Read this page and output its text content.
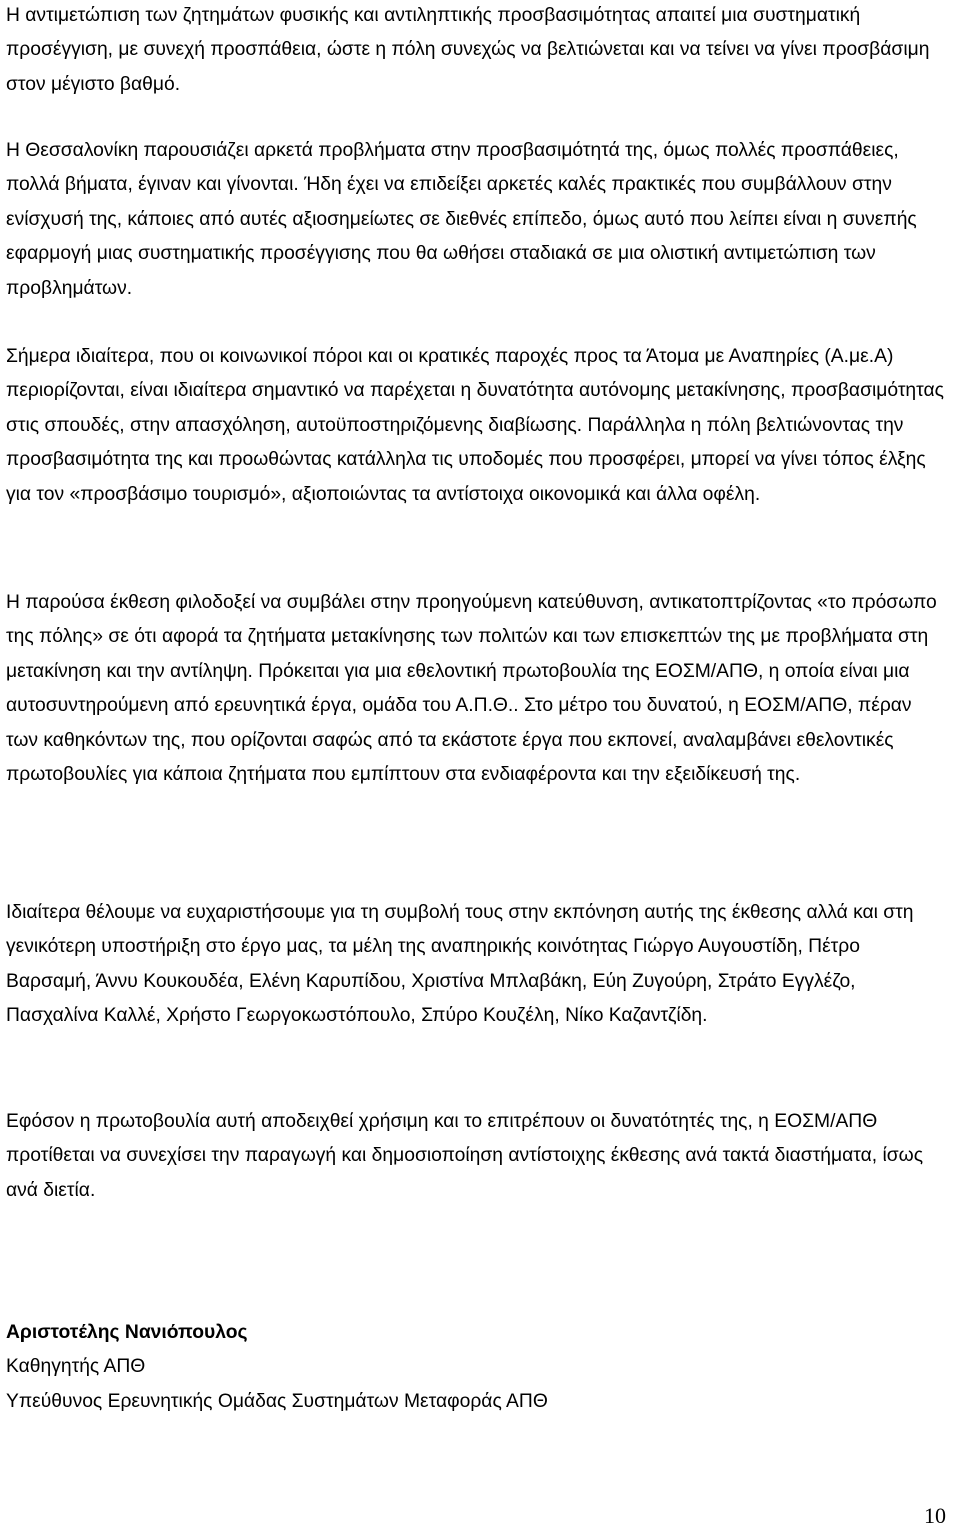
Η αντιμετώπιση των ζητημάτων φυσικής και αντιληπτικής προσβασιμότητας απαιτεί μια συστηματική προσέγγιση, με συνεχή προσπάθεια, ώστε η πόλη συνεχώς να βελτιώνεται και να τείνει να γίνει προσβάσιμη στον μέγιστο βαθμό.

Η Θεσσαλονίκη παρουσιάζει αρκετά προβλήματα στην προσβασιμότητά της, όμως πολλές προσπάθειες, πολλά βήματα, έγιναν και γίνονται. Ήδη έχει να επιδείξει αρκετές καλές πρακτικές που συμβάλλουν στην ενίσχυσή της, κάποιες από αυτές αξιοσημείωτες σε διεθνές επίπεδο, όμως αυτό που λείπει είναι η συνεπής εφαρμογή μιας συστηματικής προσέγγισης που θα ωθήσει σταδιακά σε μια ολιστική αντιμετώπιση των προβλημάτων.

Σήμερα ιδιαίτερα, που οι κοινωνικοί πόροι και οι κρατικές παροχές προς τα Άτομα με Αναπηρίες (Α.με.Α) περιορίζονται, είναι ιδιαίτερα σημαντικό να παρέχεται η δυνατότητα αυτόνομης μετακίνησης, προσβασιμότητας στις σπουδές, στην απασχόληση, αυτοϋποστηριζόμενης διαβίωσης. Παράλληλα η πόλη βελτιώνοντας την προσβασιμότητα της και προωθώντας κατάλληλα τις υποδομές που προσφέρει, μπορεί να γίνει τόπος έλξης για τον «προσβάσιμο τουρισμό», αξιοποιώντας τα αντίστοιχα οικονομικά και άλλα οφέλη.

Η παρούσα έκθεση φιλοδοξεί να συμβάλει στην προηγούμενη κατεύθυνση, αντικατοπτρίζοντας «το πρόσωπο της πόλης» σε ότι αφορά τα ζητήματα μετακίνησης των πολιτών και των επισκεπτών της με προβλήματα στη μετακίνηση και την αντίληψη. Πρόκειται για μια εθελοντική πρωτοβουλία της ΕΟΣΜ/ΑΠΘ, η οποία είναι μια αυτοσυντηρούμενη από ερευνητικά έργα, ομάδα του Α.Π.Θ.. Στο μέτρο του δυνατού, η ΕΟΣΜ/ΑΠΘ, πέραν των καθηκόντων της, που ορίζονται σαφώς από τα εκάστοτε έργα που εκπονεί, αναλαμβάνει εθελοντικές πρωτοβουλίες για κάποια ζητήματα που εμπίπτουν στα ενδιαφέροντα και την εξειδίκευσή της.

Ιδιαίτερα θέλουμε να ευχαριστήσουμε για τη συμβολή τους στην εκπόνηση αυτής της έκθεσης αλλά και στη γενικότερη υποστήριξη στο έργο μας, τα μέλη της αναπηρικής κοινότητας Γιώργο Αυγουστίδη, Πέτρο Βαρσαμή, Άννυ Κουκουδέα, Ελένη Καρυπίδου, Χριστίνα Μπλαβάκη, Εύη Ζυγούρη, Στράτο Εγγλέζο, Πασχαλίνα Καλλέ, Χρήστο Γεωργοκωστόπουλο, Σπύρο Κουζέλη, Νίκο Καζαντζίδη.

Εφόσον η πρωτοβουλία αυτή αποδειχθεί χρήσιμη και το επιτρέπουν οι δυνατότητές της, η ΕΟΣΜ/ΑΠΘ προτίθεται να συνεχίσει την παραγωγή και δημοσιοποίηση αντίστοιχης έκθεσης ανά τακτά διαστήματα, ίσως ανά διετία.

Αριστοτέλης Νανιόπουλος
Καθηγητής ΑΠΘ
Υπεύθυνος Ερευνητικής Ομάδας Συστημάτων Μεταφοράς ΑΠΘ
10
